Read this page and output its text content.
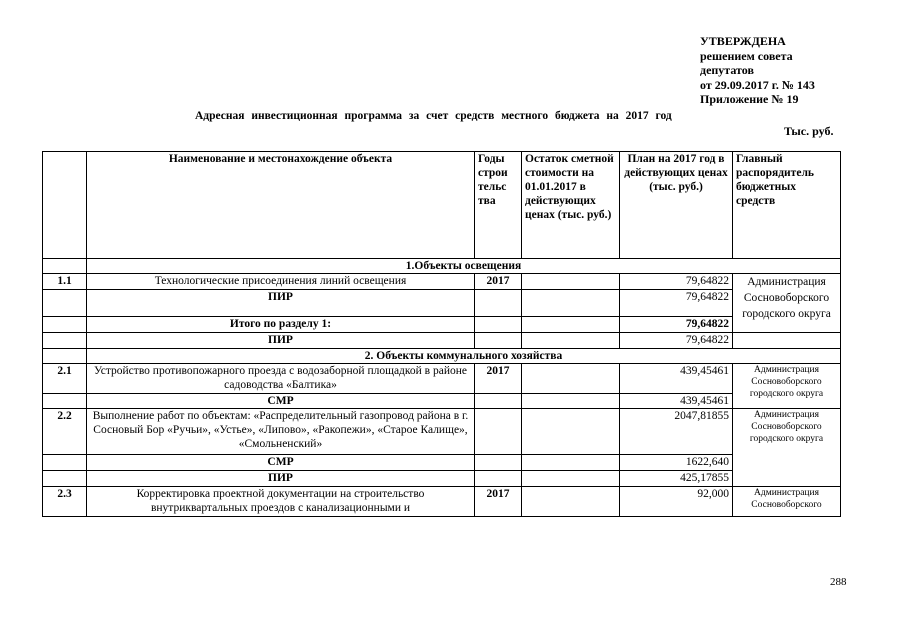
УТВЕРЖДЕНА
решением совета
депутатов
от 29.09.2017 г. № 143
Приложение № 19
Адресная инвестиционная программа за счет средств местного бюджета на 2017 год
Тыс. руб.
	Наименование и местонахождение объекта	Годы строи тельс тва	Остаток сметной стоимости на 01.01.2017 в действующих ценах (тыс. руб.)	План на 2017 год в действующих ценах (тыс. руб.)	Главный распорядитель бюджетных средств
	1.Объекты освещения				
1.1	Технологические присоединения линий освещения	2017		79,64822	Администрация Сосновоборского городского округа
	ПИР			79,64822	
	Итого по разделу 1:			79,64822	
	ПИР			79,64822	
	2. Объекты коммунального хозяйства				
2.1	Устройство противопожарного проезда с водозаборной площадкой в районе садоводства «Балтика»	2017		439,45461	Администрация Сосновоборского городского округа
	СМР			439,45461	
2.2	Выполнение работ по объектам: «Распределительный газопровод района в г. Сосновый Бор «Ручьи», «Устье», «Липово», «Ракопежи», «Старое Калище», «Смольненский»			2047,81855	Администрация Сосновоборского городского округа
	СМР			1622,640	
	ПИР			425,17855	
2.3	Корректировка проектной документации на строительство внутриквартальных проездов с канализационными и	2017		92,000	Администрация Сосновоборского
288
